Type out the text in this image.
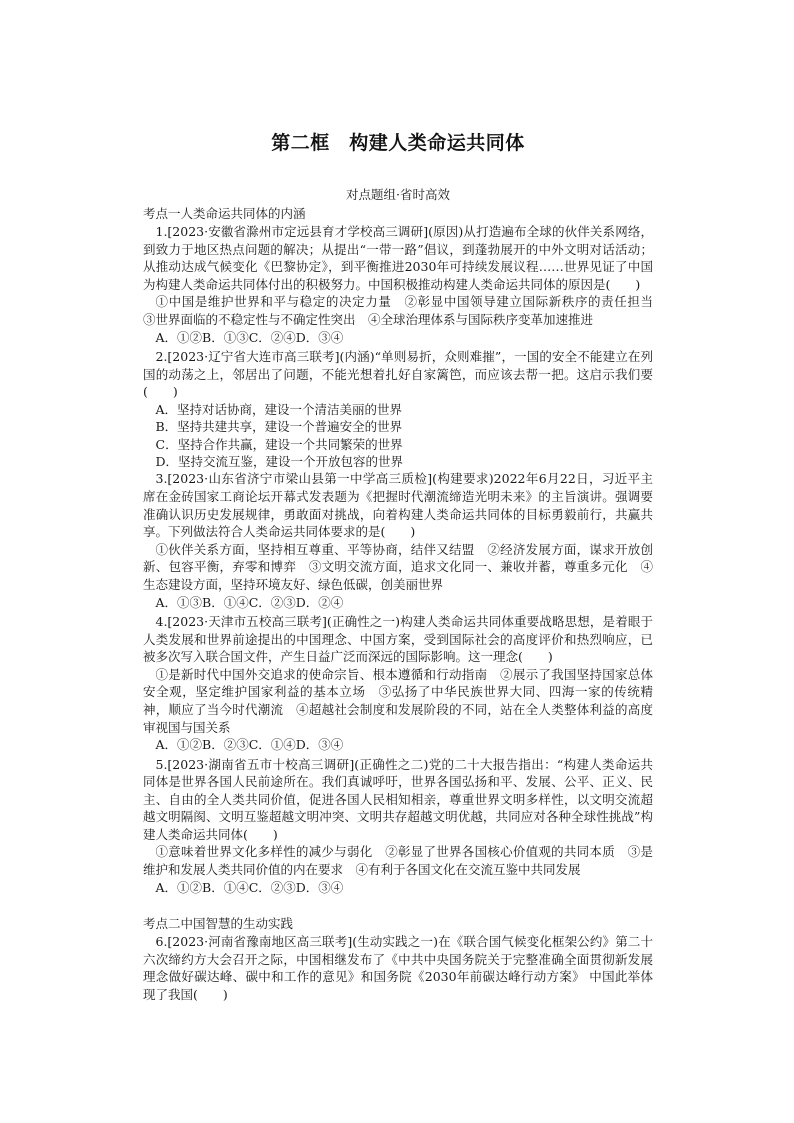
第二框　构建人类命运共同体
对点题组·省时高效
考点一人类命运共同体的内涵

1.[2023·安徽省滁州市定远县育才学校高三调研](原因)从打造遍布全球的伙伴关系网络，到致力于地区热点问题的解决；从提出“一带一路”倡议，到蓬勃展开的中外文明对话活动；从推动达成气候变化《巴黎协定》，到平衡推进2030年可持续发展议程……世界见证了中国为构建人类命运共同体付出的积极努力。中国积极推动构建人类命运共同体的原因是(　　)

①中国是维护世界和平与稳定的决定力量　②彰显中国领导建立国际新秩序的责任担当　③世界面临的不稳定性与不确定性突出　④全球治理体系与国际秩序变革加速推进

A．①②B．①③C．②④D．③④

2.[2023·辽宁省大连市高三联考](内涵)“单则易折，众则难摧”，一国的安全不能建立在列国的动荡之上，邻居出了问题，不能光想着扎好自家篱笆，而应该去帮一把。这启示我们要(　　)

A．坚持对话协商，建设一个清洁美丽的世界

B．坚持共建共享，建设一个普遍安全的世界

C．坚持合作共赢，建设一个共同繁荣的世界

D．坚持交流互鉴，建设一个开放包容的世界

3.[2023·山东省济宁市梁山县第一中学高三质检](构建要求)2022年6月22日，习近平主席在金砖国家工商论坛开幕式发表题为《把握时代潮流缔造光明未来》的主旨演讲。强调要准确认识历史发展规律，勇敢面对挑战，向着构建人类命运共同体的目标勇毅前行，共赢共享。下列做法符合人类命运共同体要求的是(　　)

①伙伴关系方面，坚持相互尊重、平等协商，结伴又结盟　②经济发展方面，谋求开放创新、包容平衡，弃零和博弈　③文明交流方面，追求文化同一、兼收并蓄，尊重多元化　④生态建设方面，坚持环境友好、绿色低碳，创美丽世界

A．①③B．①④C．②③D．②④

4.[2023·天津市五校高三联考](正确性之一)构建人类命运共同体重要战略思想，是着眼于人类发展和世界前途提出的中国理念、中国方案，受到国际社会的高度评价和热烈响应，已被多次写入联合国文件，产生日益广泛而深远的国际影响。这一理念(　　)

①是新时代中国外交追求的使命宗旨、根本遵循和行动指南　②展示了我国坚持国家总体安全观，坚定维护国家利益的基本立场　③弘扬了中华民族世界大同、四海一家的传统精神，顺应了当今时代潮流　④超越社会制度和发展阶段的不同，站在全人类整体利益的高度审视国与国关系

A．①②B．②③C．①④D．③④

5.[2023·湖南省五市十校高三调研](正确性之二)党的二十大报告指出：“构建人类命运共同体是世界各国人民前途所在。我们真诚呼吁，世界各国弘扬和平、发展、公平、正义、民主、自由的全人类共同价值，促进各国人民相知相亲，尊重世界文明多样性，以文明交流超越文明隔阂、文明互鉴超越文明冲突、文明共存超越文明优越，共同应对各种全球性挑战”构建人类命运共同体(　　)

①意味着世界文化多样性的减少与弱化　②彰显了世界各国核心价值观的共同本质　③是维护和发展人类共同价值的内在要求　④有利于各国文化在交流互鉴中共同发展

A．①②B．①④C．②③D．③④

考点二中国智慧的生动实践

6.[2023·河南省豫南地区高三联考](生动实践之一)在《联合国气候变化框架公约》第二十六次缔约方大会召开之际，中国相继发布了《中共中央国务院关于完整准确全面贯彻新发展理念做好碳达峰、碳中和工作的意见》和国务院《2030年前碳达峰行动方案》 中国此举体现了我国(　　)
